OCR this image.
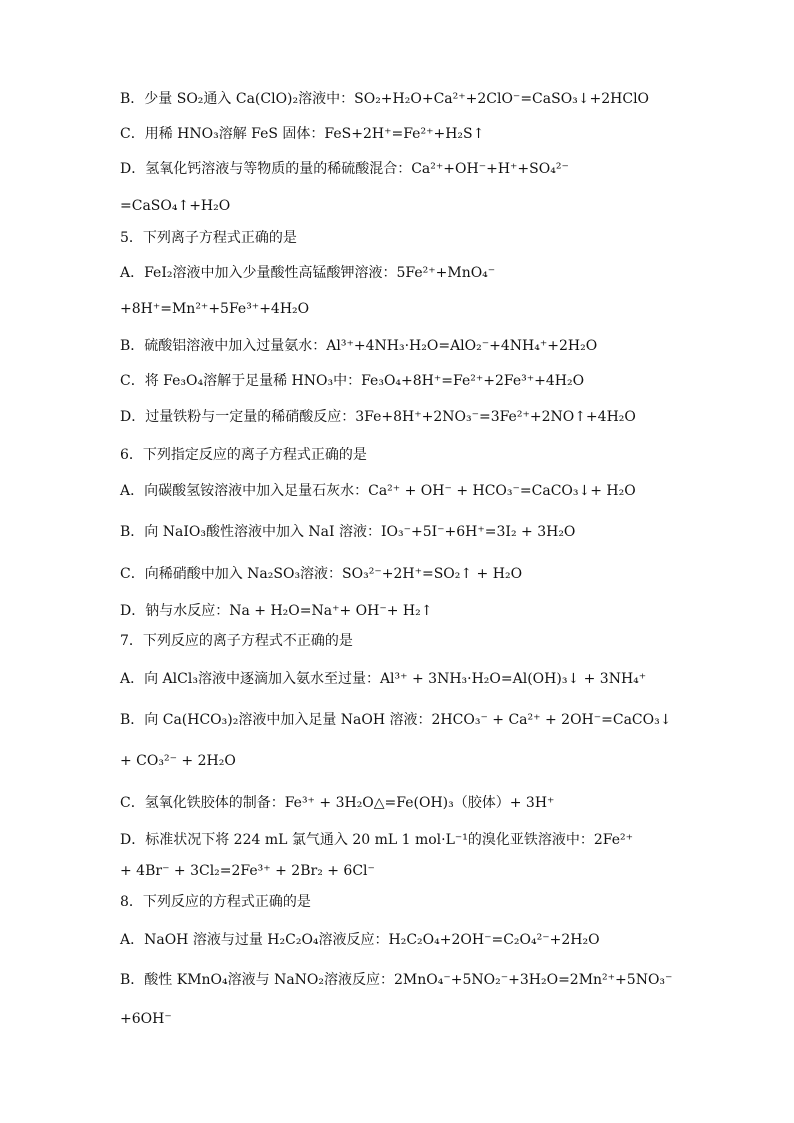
B．少量 SO₂通入 Ca(ClO)₂溶液中：SO₂+H₂O+Ca²⁺+2ClO⁻=CaSO₃↓+2HClO
C．用稀 HNO₃溶解 FeS 固体：FeS+2H⁺=Fe²⁺+H₂S↑
D．氢氧化钙溶液与等物质的量的稀硫酸混合：Ca²⁺+OH⁻+H⁺+SO₄²⁻
=CaSO₄↑+H₂O
5．下列离子方程式正确的是
A．FeI₂溶液中加入少量酸性高锰酸钾溶液：5Fe²⁺+MnO₄⁻
+8H⁺=Mn²⁺+5Fe³⁺+4H₂O
B．硫酸铝溶液中加入过量氨水：Al³⁺+4NH₃·H₂O=AlO₂⁻+4NH₄⁺+2H₂O
C．将 Fe₃O₄溶解于足量稀 HNO₃中：Fe₃O₄+8H⁺=Fe²⁺+2Fe³⁺+4H₂O
D．过量铁粉与一定量的稀硝酸反应：3Fe+8H⁺+2NO₃⁻=3Fe²⁺+2NO↑+4H₂O
6．下列指定反应的离子方程式正确的是
A．向碳酸氢铵溶液中加入足量石灰水：Ca²⁺ + OH⁻ + HCO₃⁻=CaCO₃↓+ H₂O
B．向 NaIO₃酸性溶液中加入 NaI 溶液：IO₃⁻+5I⁻+6H⁺=3I₂ + 3H₂O
C．向稀硝酸中加入 Na₂SO₃溶液：SO₃²⁻+2H⁺=SO₂↑ + H₂O
D．钠与水反应：Na + H₂O=Na⁺+ OH⁻+ H₂↑
7．下列反应的离子方程式不正确的是
A．向 AlCl₃溶液中逐滴加入氨水至过量：Al³⁺ + 3NH₃·H₂O=Al(OH)₃↓ + 3NH₄⁺
B．向 Ca(HCO₃)₂溶液中加入足量 NaOH 溶液：2HCO₃⁻ + Ca²⁺ + 2OH⁻=CaCO₃↓
+ CO₃²⁻ + 2H₂O
C．氢氧化铁胶体的制备：Fe³⁺ + 3H₂O△=Fe(OH)₃（胶体）+ 3H⁺
D．标准状况下将 224 mL 氯气通入 20 mL 1 mol·L⁻¹的溴化亚铁溶液中：2Fe²⁺
+ 4Br⁻ + 3Cl₂=2Fe³⁺ + 2Br₂ + 6Cl⁻
8．下列反应的方程式正确的是
A．NaOH 溶液与过量 H₂C₂O₄溶液反应：H₂C₂O₄+2OH⁻=C₂O₄²⁻+2H₂O
B．酸性 KMnO₄溶液与 NaNO₂溶液反应：2MnO₄⁻+5NO₂⁻+3H₂O=2Mn²⁺+5NO₃⁻
+6OH⁻
